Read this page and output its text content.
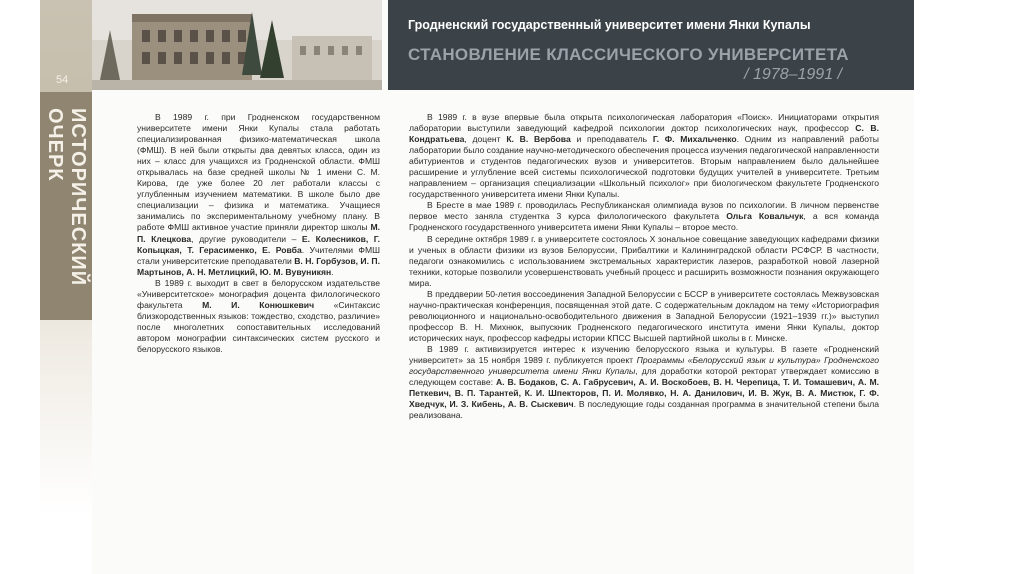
54
ИСТОРИЧЕСКИЙ ОЧЕРК
Гродненский государственный университет имени Янки Купалы
СТАНОВЛЕНИЕ КЛАССИЧЕСКОГО УНИВЕРСИТЕТА
/ 1978–1991 /

В 1989 г. при Гродненском государственном университете имени Янки Купалы стала работать специализированная физико-математическая школа (ФМШ). В ней были открыты два девятых класса, один из них – класс для учащихся из Гродненской области. ФМШ открывалась на базе средней школы № 1 имени С. М. Кирова, где уже более 20 лет работали классы с углубленным изучением математики. В школе было две специализации – физика и математика. Учащиеся занимались по экспериментальному учебному плану. В работе ФМШ активное участие приняли директор школы М. П. Клецкова, другие руководители – Е. Колесников, Г. Копыцкая, Т. Герасименко, Е. Ровба. Учителями ФМШ стали университетские преподаватели В. Н. Горбузов, И. П. Мартынов, А. Н. Метлицкий, Ю. М. Вувуникян.

В 1989 г. выходит в свет в белорусском издательстве «Университетское» монография доцента филологического факультета М. И. Конюшкевич «Синтаксис близкородственных языков: тождество, сходство, различие» после многолетних сопоставительных исследований автором монографии синтаксических систем русского и белорусского языков.

В 1989 г. в вузе впервые была открыта психологическая лаборатория «Поиск». Инициаторами открытия лаборатории выступили заведующий кафедрой психологии доктор психологических наук, профессор С. В. Кондратьева, доцент К. В. Вербова и преподаватель Г. Ф. Михальченко. Одним из направлений работы лаборатории было создание научно-методического обеспечения процесса изучения педагогической направленности абитуриентов и студентов педагогических вузов и университетов. Вторым направлением было дальнейшее расширение и углубление всей системы психологической подготовки будущих учителей в университете. Третьим направлением – организация специализации «Школьный психолог» при биологическом факультете Гродненского государственного университета имени Янки Купалы.

В Бресте в мае 1989 г. проводилась Республиканская олимпиада вузов по психологии. В личном первенстве первое место заняла студентка 3 курса филологического факультета Ольга Ковальчук, а вся команда Гродненского государственного университета имени Янки Купалы – второе место.

В середине октября 1989 г. в университете состоялось X зональное совещание заведующих кафедрами физики и ученых в области физики из вузов Белоруссии, Прибалтики и Калининградской области РСФСР. В частности, педагоги ознакомились с использованием экстремальных характеристик лазеров, разработкой новой лазерной техники, которые позволили усовершенствовать учебный процесс и расширить возможности познания окружающего мира.

В преддверии 50-летия воссоединения Западной Белоруссии с БССР в университете состоялась Межвузовская научно-практическая конференция, посвященная этой дате. С содержательным докладом на тему «Историография революционного и национально-освободительного движения в Западной Белоруссии (1921–1939 гг.)» выступил профессор В. Н. Михнюк, выпускник Гродненского педагогического института имени Янки Купалы, доктор исторических наук, профессор кафедры истории КПСС Высшей партийной школы в г. Минске.

В 1989 г. активизируется интерес к изучению белорусского языка и культуры. В газете «Гродненский университет» за 15 ноября 1989 г. публикуется проект Программы «Белорусский язык и культура» Гродненского государственного университета имени Янки Купалы, для доработки которой ректорат утверждает комиссию в следующем составе: А. В. Бодаков, С. А. Габрусевич, А. И. Воскобоев, В. Н. Черепица, Т. И. Томашевич, А. М. Петкевич, В. П. Тарантей, К. И. Шпекторов, П. И. Молявко, Н. А. Данилович, И. В. Жук, В. А. Мистюк, Г. Ф. Хведчук, И. З. Кибень, А. В. Сыскевич. В последующие годы созданная программа в значительной степени была реализована.
